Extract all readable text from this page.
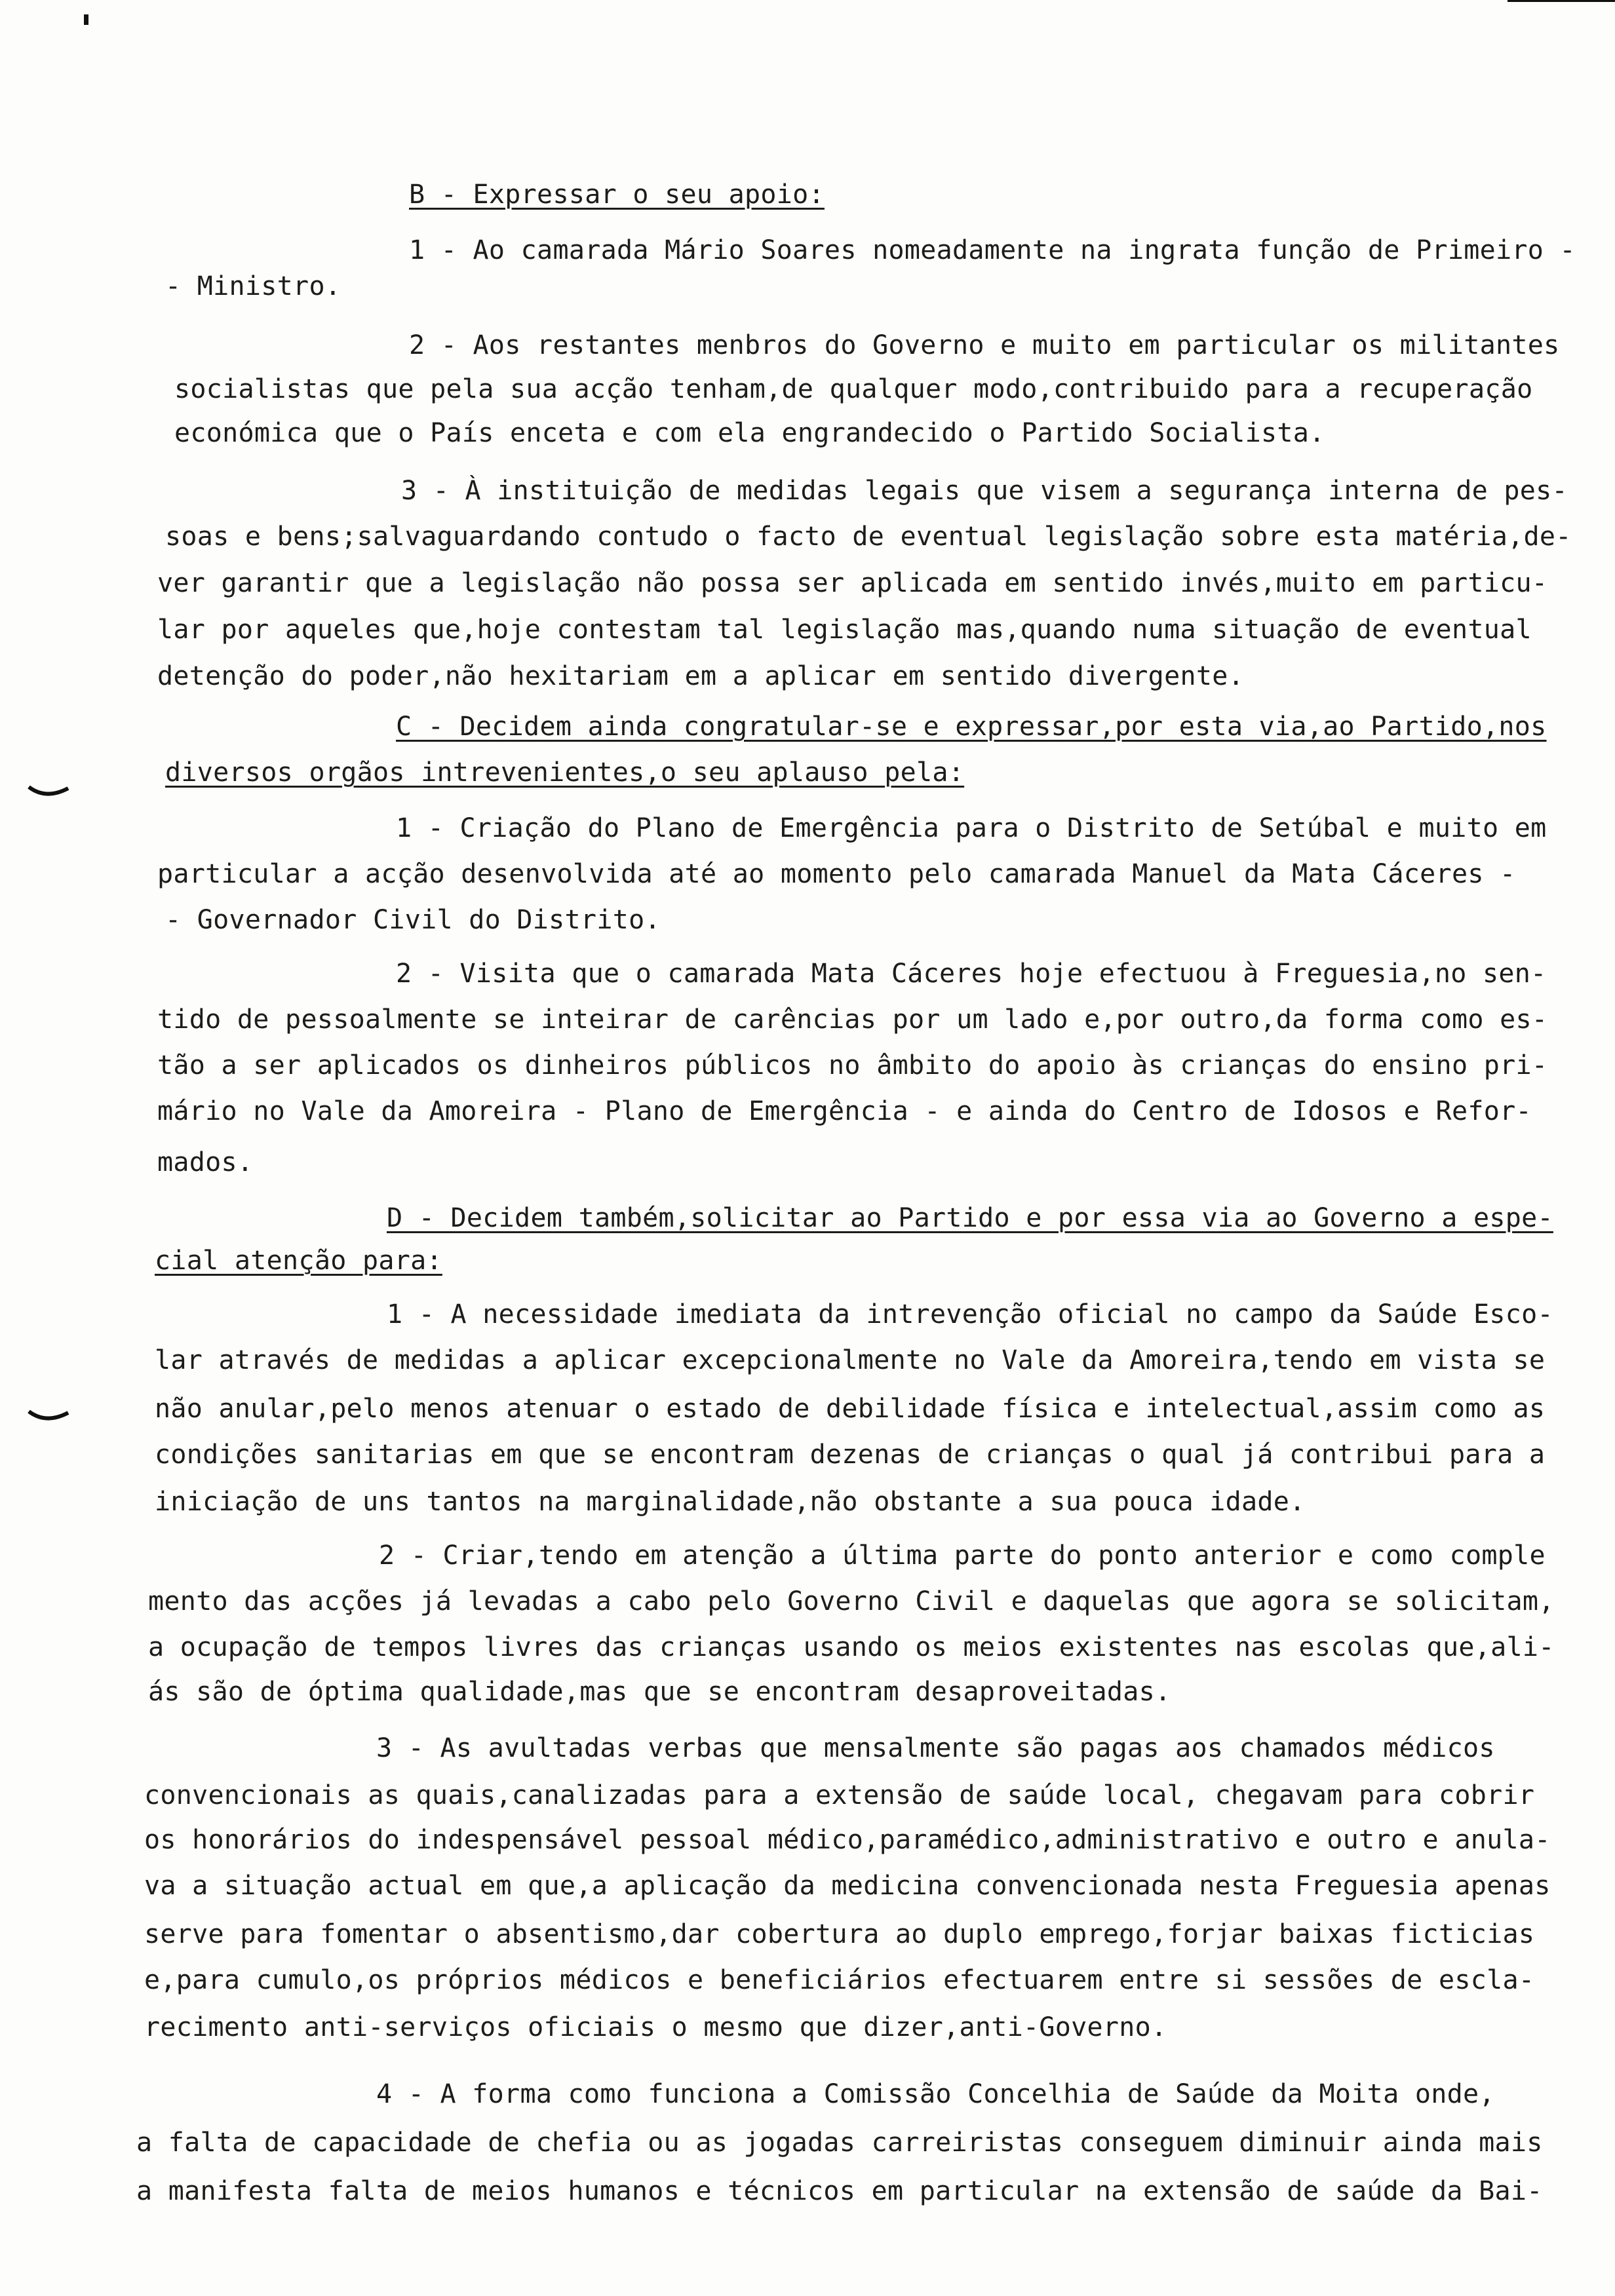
B - Expressar o seu apoio:
1 - Ao camarada Mário Soares nomeadamente na ingrata função de Primeiro -
- Ministro.
2 - Aos restantes menbros do Governo e muito em particular os militantes
socialistas que pela sua acção tenham,de qualquer modo,contribuido para a recuperação
económica que o País enceta e com ela engrandecido o Partido Socialista.
3 - À instituição de medidas legais que visem a segurança interna de pes-
soas e bens;salvaguardando contudo o facto de eventual legislação sobre esta matéria,de-
ver garantir que a legislação não possa ser aplicada em sentido invés,muito em particu-
lar por aqueles que,hoje contestam tal legislação mas,quando numa situação de eventual
detenção do poder,não hexitariam em a aplicar em sentido divergente.
C - Decidem ainda congratular-se e expressar,por esta via,ao Partido,nos
diversos orgãos intrevenientes,o seu aplauso pela:
1 - Criação do Plano de Emergência para o Distrito de Setúbal e muito em
particular a acção desenvolvida até ao momento pelo camarada Manuel da Mata Cáceres -
- Governador Civil do Distrito.
2 - Visita que o camarada Mata Cáceres hoje efectuou à Freguesia,no sen-
tido de pessoalmente se inteirar de carências por um lado e,por outro,da forma como es-
tão a ser aplicados os dinheiros públicos no âmbito do apoio às crianças do ensino pri-
mário no Vale da Amoreira - Plano de Emergência - e ainda do Centro de Idosos e Refor-
mados.
D - Decidem também,solicitar ao Partido e por essa via ao Governo a espe-
cial atenção para:
1 - A necessidade imediata da intrevenção oficial no campo da Saúde Esco-
lar através de medidas a aplicar excepcionalmente no Vale da Amoreira,tendo em vista se
não anular,pelo menos atenuar o estado de debilidade física e intelectual,assim como as
condições sanitarias em que se encontram dezenas de crianças o qual já contribui para a
iniciação de uns tantos na marginalidade,não obstante a sua pouca idade.
2 - Criar,tendo em atenção a última parte do ponto anterior e como comple
mento das acções já levadas a cabo pelo Governo Civil e daquelas que agora se solicitam,
a ocupação de tempos livres das crianças usando os meios existentes nas escolas que,ali-
ás são de óptima qualidade,mas que se encontram desaproveitadas.
3 - As avultadas verbas que mensalmente são pagas aos chamados médicos
convencionais as quais,canalizadas para a extensão de saúde local, chegavam para cobrir
os honorários do indespensável pessoal médico,paramédico,administrativo e outro e anula-
va a situação actual em que,a aplicação da medicina convencionada nesta Freguesia apenas
serve para fomentar o absentismo,dar cobertura ao duplo emprego,forjar baixas ficticias
e,para cumulo,os próprios médicos e beneficiários efectuarem entre si sessões de escla-
recimento anti-serviços oficiais o mesmo que dizer,anti-Governo.
4 - A forma como funciona a Comissão Concelhia de Saúde da Moita onde,
a falta de capacidade de chefia ou as jogadas carreiristas conseguem diminuir ainda mais
a manifesta falta de meios humanos e técnicos em particular na extensão de saúde da Bai-
